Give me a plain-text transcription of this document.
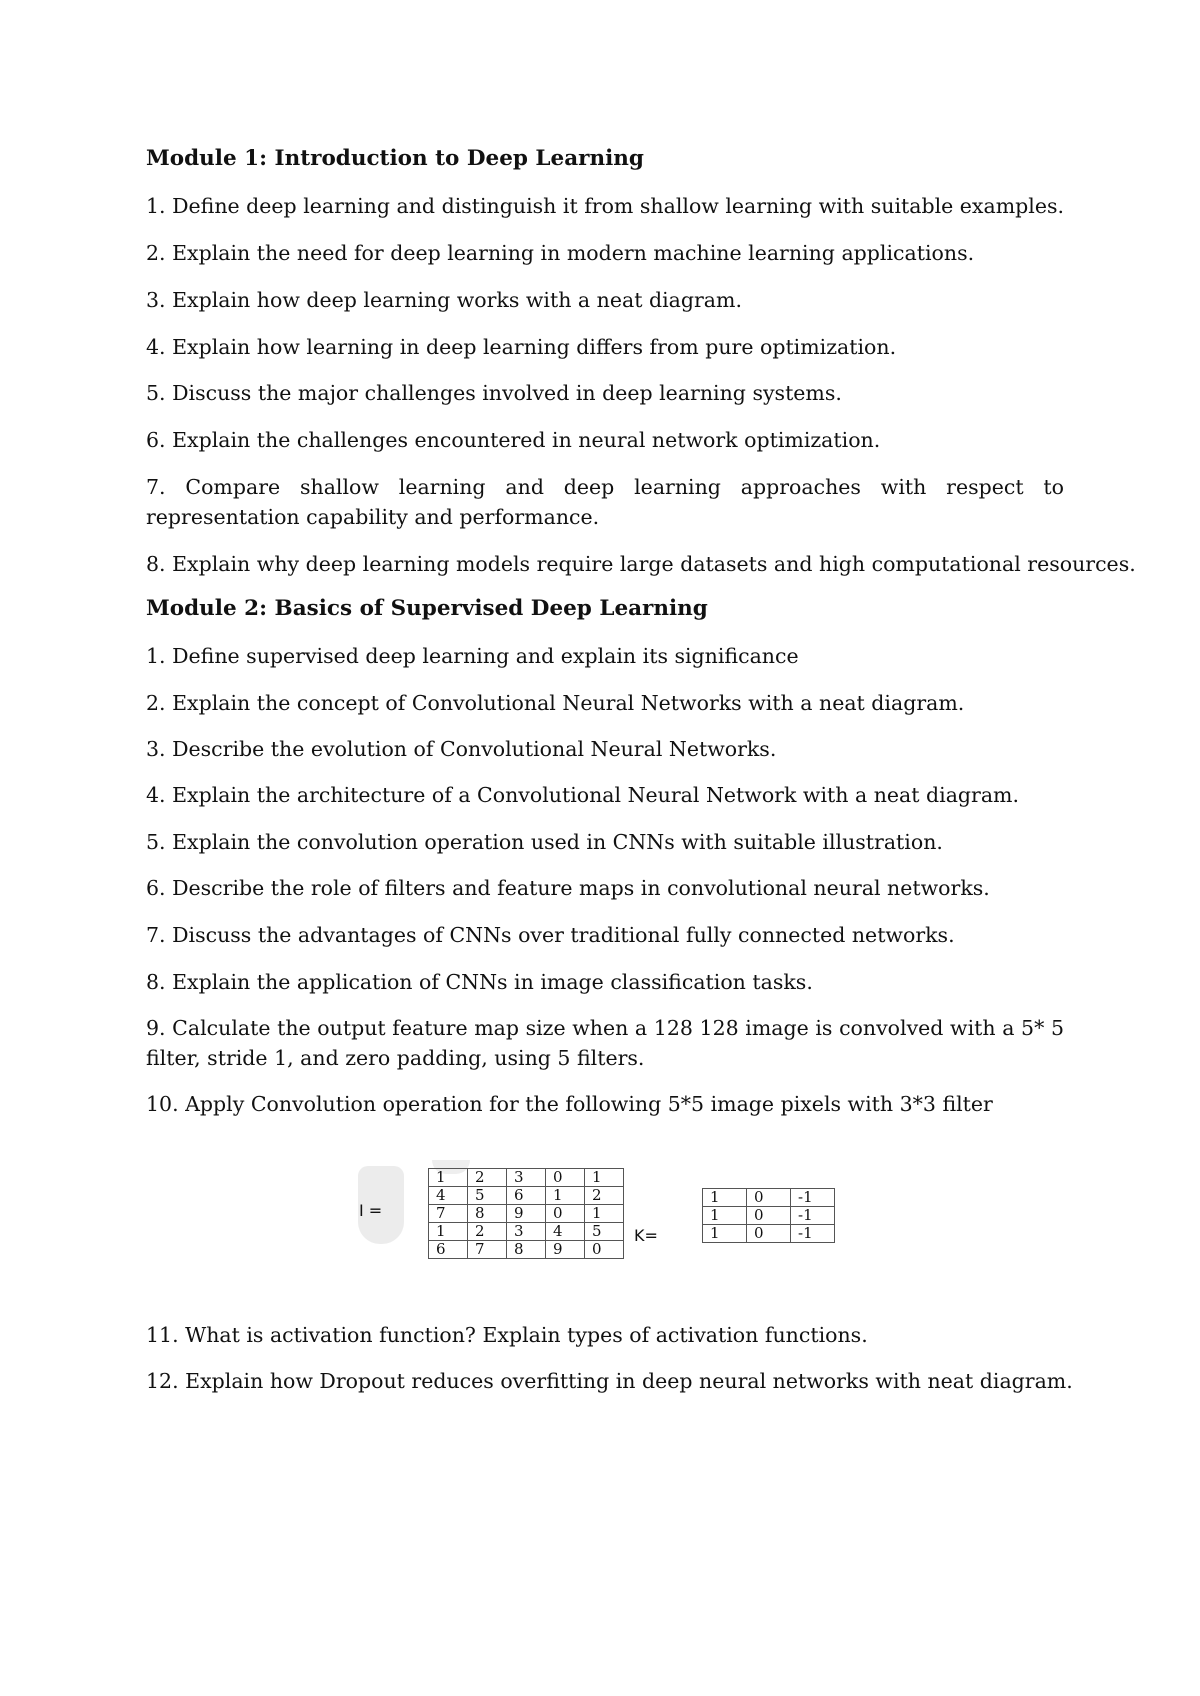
Module 1: Introduction to Deep Learning
1. Define deep learning and distinguish it from shallow learning with suitable examples.
2. Explain the need for deep learning in modern machine learning applications.
3. Explain how deep learning works with a neat diagram.
4. Explain how learning in deep learning differs from pure optimization.
5. Discuss the major challenges involved in deep learning systems.
6. Explain the challenges encountered in neural network optimization.
7. Compare shallow learning and deep learning approaches with respect to representation capability and performance.
8. Explain why deep learning models require large datasets and high computational resources.
Module 2: Basics of Supervised Deep Learning
1. Define supervised deep learning and explain its significance
2. Explain the concept of Convolutional Neural Networks with a neat diagram.
3. Describe the evolution of Convolutional Neural Networks.
4. Explain the architecture of a Convolutional Neural Network with a neat diagram.
5. Explain the convolution operation used in CNNs with suitable illustration.
6. Describe the role of filters and feature maps in convolutional neural networks.
7. Discuss the advantages of CNNs over traditional fully connected networks.
8. Explain the application of CNNs in image classification tasks.
9. Calculate the output feature map size when a 128 128 image is convolved with a 5* 5 filter, stride 1, and zero padding, using 5 filters.
10. Apply Convolution operation for the following 5*5 image pixels with 3*3 filter
I =
1	2	3	0	1
4	5	6	1	2
7	8	9	0	1
1	2	3	4	5
6	7	8	9	0
K=
1	0	-1
1	0	-1
1	0	-1
11. What is activation function? Explain types of activation functions.
12. Explain how Dropout reduces overfitting in deep neural networks with neat diagram.
